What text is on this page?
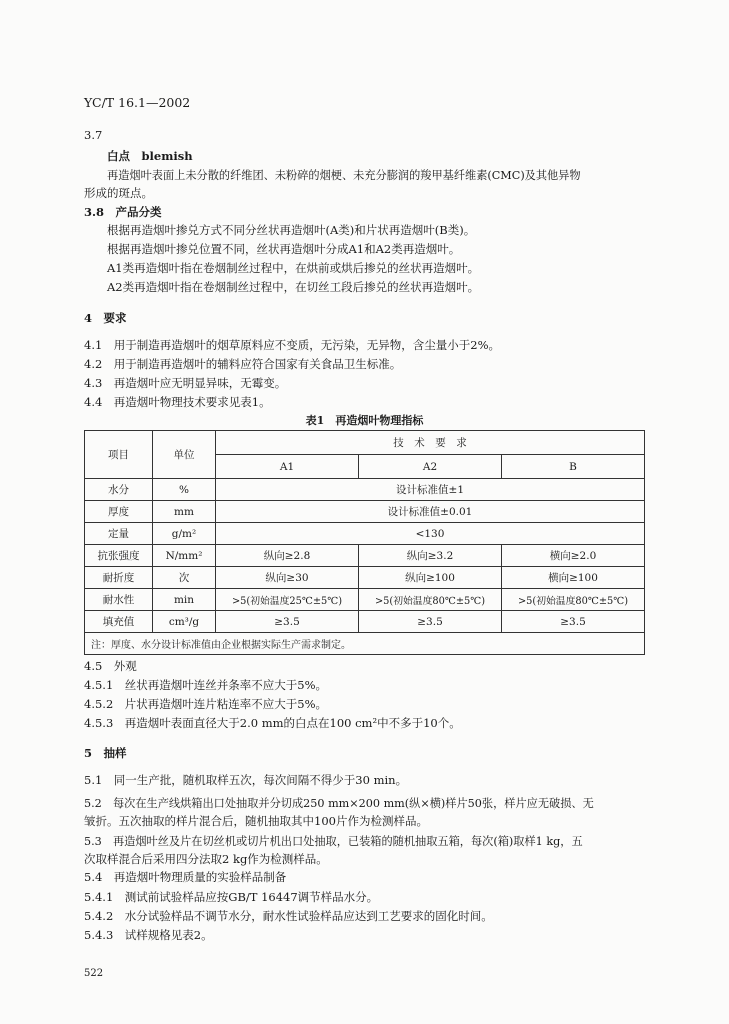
YC/T 16.1—2002
3.7
白点　blemish
再造烟叶表面上未分散的纤维团、未粉碎的烟梗、未充分膨润的羧甲基纤维素(CMC)及其他异物
形成的斑点。
3.8　产品分类
根据再造烟叶掺兑方式不同分丝状再造烟叶(A类)和片状再造烟叶(B类)。
根据再造烟叶掺兑位置不同，丝状再造烟叶分成A1和A2类再造烟叶。
A1类再造烟叶指在卷烟制丝过程中，在烘前或烘后掺兑的丝状再造烟叶。
A2类再造烟叶指在卷烟制丝过程中，在切丝工段后掺兑的丝状再造烟叶。
4　要求
4.1　用于制造再造烟叶的烟草原料应不变质，无污染，无异物，含尘量小于2%。
4.2　用于制造再造烟叶的辅料应符合国家有关食品卫生标准。
4.3　再造烟叶应无明显异味，无霉变。
4.4　再造烟叶物理技术要求见表1。
表1　再造烟叶物理指标
项目	单位	技　术　要　求		
		A1	A2	B
水分	%	设计标准值±1		
厚度	mm	设计标准值±0.01		
定量	g/m²	<130		
抗张强度	N/mm²	纵向≥2.8	纵向≥3.2	横向≥2.0
耐折度	次	纵向≥30	纵向≥100	横向≥100
耐水性	min	>5(初始温度25℃±5℃)	>5(初始温度80℃±5℃)	>5(初始温度80℃±5℃)
填充值	cm³/g	≥3.5	≥3.5	≥3.5
注：厚度、水分设计标准值由企业根据实际生产需求制定。				
4.5　外观
4.5.1　丝状再造烟叶连丝并条率不应大于5%。
4.5.2　片状再造烟叶连片粘连率不应大于5%。
4.5.3　再造烟叶表面直径大于2.0 mm的白点在100 cm²中不多于10个。
5　抽样
5.1　同一生产批，随机取样五次，每次间隔不得少于30 min。
5.2　每次在生产线烘箱出口处抽取并分切成250 mm×200 mm(纵×横)样片50张，样片应无破损、无
皱折。五次抽取的样片混合后，随机抽取其中100片作为检测样品。
5.3　再造烟叶丝及片在切丝机或切片机出口处抽取，已装箱的随机抽取五箱，每次(箱)取样1 kg，五
次取样混合后采用四分法取2 kg作为检测样品。
5.4　再造烟叶物理质量的实验样品制备
5.4.1　测试前试验样品应按GB/T 16447调节样品水分。
5.4.2　水分试验样品不调节水分，耐水性试验样品应达到工艺要求的固化时间。
5.4.3　试样规格见表2。
522
